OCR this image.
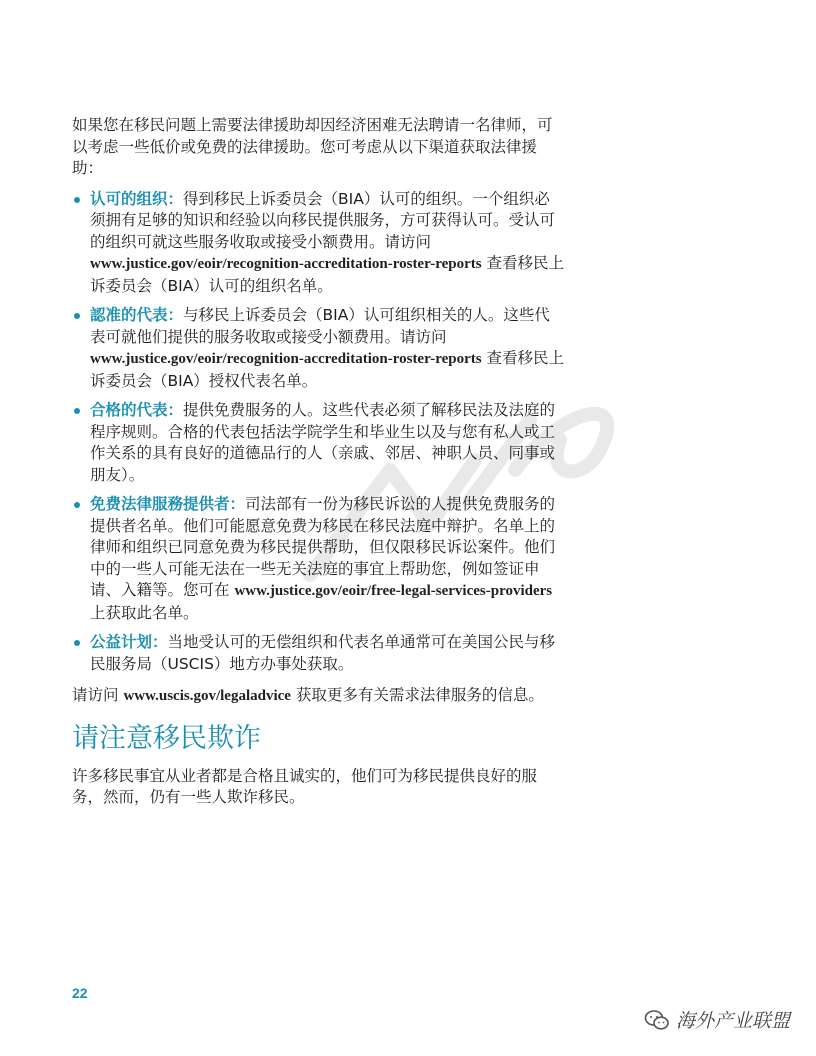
如果您在移民问题上需要法律援助却因经济困难无法聘请一名律师，可以考虑一些低价或免费的法律援助。您可考虑从以下渠道获取法律援助：

认可的组织：得到移民上诉委员会（BIA）认可的组织。一个组织必须拥有足够的知识和经验以向移民提供服务，方可获得认可。受认可的组织可就这些服务收取或接受小额费用。请访问 www.justice.gov/eoir/recognition-accreditation-roster-reports 查看移民上诉委员会（BIA）认可的组织名单。
認准的代表：与移民上诉委员会（BIA）认可组织相关的人。这些代表可就他们提供的服务收取或接受小额费用。请访问 www.justice.gov/eoir/recognition-accreditation-roster-reports 查看移民上诉委员会（BIA）授权代表名单。
合格的代表：提供免费服务的人。这些代表必须了解移民法及法庭的程序规则。合格的代表包括法学院学生和毕业生以及与您有私人或工作关系的具有良好的道德品行的人（亲戚、邻居、神职人员、同事或朋友）。
免费法律服務提供者：司法部有一份为移民诉讼的人提供免费服务的提供者名单。他们可能愿意免费为移民在移民法庭中辩护。名单上的律师和组织已同意免费为移民提供帮助，但仅限移民诉讼案件。他们中的一些人可能无法在一些无关法庭的事宜上帮助您，例如签证申请、入籍等。您可在 www.justice.gov/eoir/free-legal-services-providers 上获取此名单。
公益计划：当地受认可的无偿组织和代表名单通常可在美国公民与移民服务局（USCIS）地方办事处获取。

请访问 www.uscis.gov/legaladvice 获取更多有关需求法律服务的信息。

请注意移民欺诈

许多移民事宜从业者都是合格且诚实的，他们可为移民提供良好的服务，然而，仍有一些人欺诈移民。

22
海外产业联盟
